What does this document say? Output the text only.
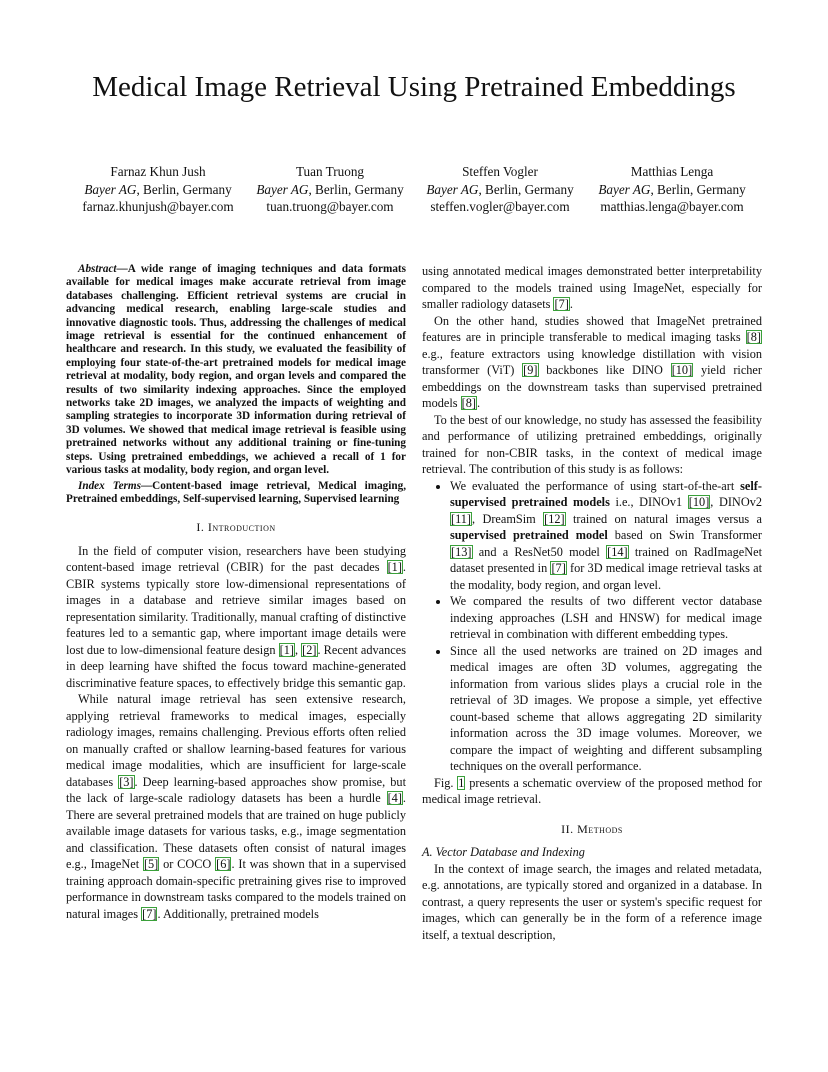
Medical Image Retrieval Using Pretrained Embeddings
Farnaz Khun Jush
Bayer AG, Berlin, Germany
farnaz.khunjush@bayer.com
Tuan Truong
Bayer AG, Berlin, Germany
tuan.truong@bayer.com
Steffen Vogler
Bayer AG, Berlin, Germany
steffen.vogler@bayer.com
Matthias Lenga
Bayer AG, Berlin, Germany
matthias.lenga@bayer.com

Abstract—A wide range of imaging techniques and data formats available for medical images make accurate retrieval from image databases challenging. Efficient retrieval systems are crucial in advancing medical research, enabling large-scale studies and innovative diagnostic tools. Thus, addressing the challenges of medical image retrieval is essential for the continued enhancement of healthcare and research. In this study, we evaluated the feasibility of employing four state-of-the-art pretrained models for medical image retrieval at modality, body region, and organ levels and compared the results of two similarity indexing approaches. Since the employed networks take 2D images, we analyzed the impacts of weighting and sampling strategies to incorporate 3D information during retrieval of 3D volumes. We showed that medical image retrieval is feasible using pretrained networks without any additional training or fine-tuning steps. Using pretrained embeddings, we achieved a recall of 1 for various tasks at modality, body region, and organ level.

Index Terms—Content-based image retrieval, Medical imaging, Pretrained embeddings, Self-supervised learning, Supervised learning

I. Introduction

In the field of computer vision, researchers have been studying content-based image retrieval (CBIR) for the past decades [1]. CBIR systems typically store low-dimensional representations of images in a database and retrieve similar images based on representation similarity. Traditionally, manual crafting of distinctive features led to a semantic gap, where important image details were lost due to low-dimensional feature design [1], [2]. Recent advances in deep learning have shifted the focus toward machine-generated discriminative feature spaces, to effectively bridge this semantic gap.

While natural image retrieval has seen extensive research, applying retrieval frameworks to medical images, especially radiology images, remains challenging. Previous efforts often relied on manually crafted or shallow learning-based features for various medical image modalities, which are insufficient for large-scale databases [3]. Deep learning-based approaches show promise, but the lack of large-scale radiology datasets has been a hurdle [4]. There are several pretrained models that are trained on huge publicly available image datasets for various tasks, e.g., image segmentation and classification. These datasets often consist of natural images e.g., ImageNet [5] or COCO [6]. It was shown that in a supervised training approach domain-specific pretraining gives rise to improved performance in downstream tasks compared to the models trained on natural images [7]. Additionally, pretrained models

using annotated medical images demonstrated better interpretability compared to the models trained using ImageNet, especially for smaller radiology datasets [7].

On the other hand, studies showed that ImageNet pretrained features are in principle transferable to medical imaging tasks [8] e.g., feature extractors using knowledge distillation with vision transformer (ViT) [9] backbones like DINO [10] yield richer embeddings on the downstream tasks than supervised pretrained models [8].

To the best of our knowledge, no study has assessed the feasibility and performance of utilizing pretrained embeddings, originally trained for non-CBIR tasks, in the context of medical image retrieval. The contribution of this study is as follows:

• We evaluated the performance of using start-of-the-art self-supervised pretrained models i.e., DINOv1 [10], DINOv2 [11], DreamSim [12] trained on natural images versus a supervised pretrained model based on Swin Transformer [13] and a ResNet50 model [14] trained on RadImageNet dataset presented in [7] for 3D medical image retrieval tasks at the modality, body region, and organ level.
• We compared the results of two different vector database indexing approaches (LSH and HNSW) for medical image retrieval in combination with different embedding types.
• Since all the used networks are trained on 2D images and medical images are often 3D volumes, aggregating the information from various slides plays a crucial role in the retrieval of 3D images. We propose a simple, yet effective count-based scheme that allows aggregating 2D similarity information across the 3D image volumes. Moreover, we compare the impact of weighting and different subsampling techniques on the overall performance.

Fig. 1 presents a schematic overview of the proposed method for medical image retrieval.

II. Methods

A. Vector Database and Indexing

In the context of image search, the images and related metadata, e.g. annotations, are typically stored and organized in a database. In contrast, a query represents the user or system's specific request for images, which can generally be in the form of a reference image itself, a textual description,
